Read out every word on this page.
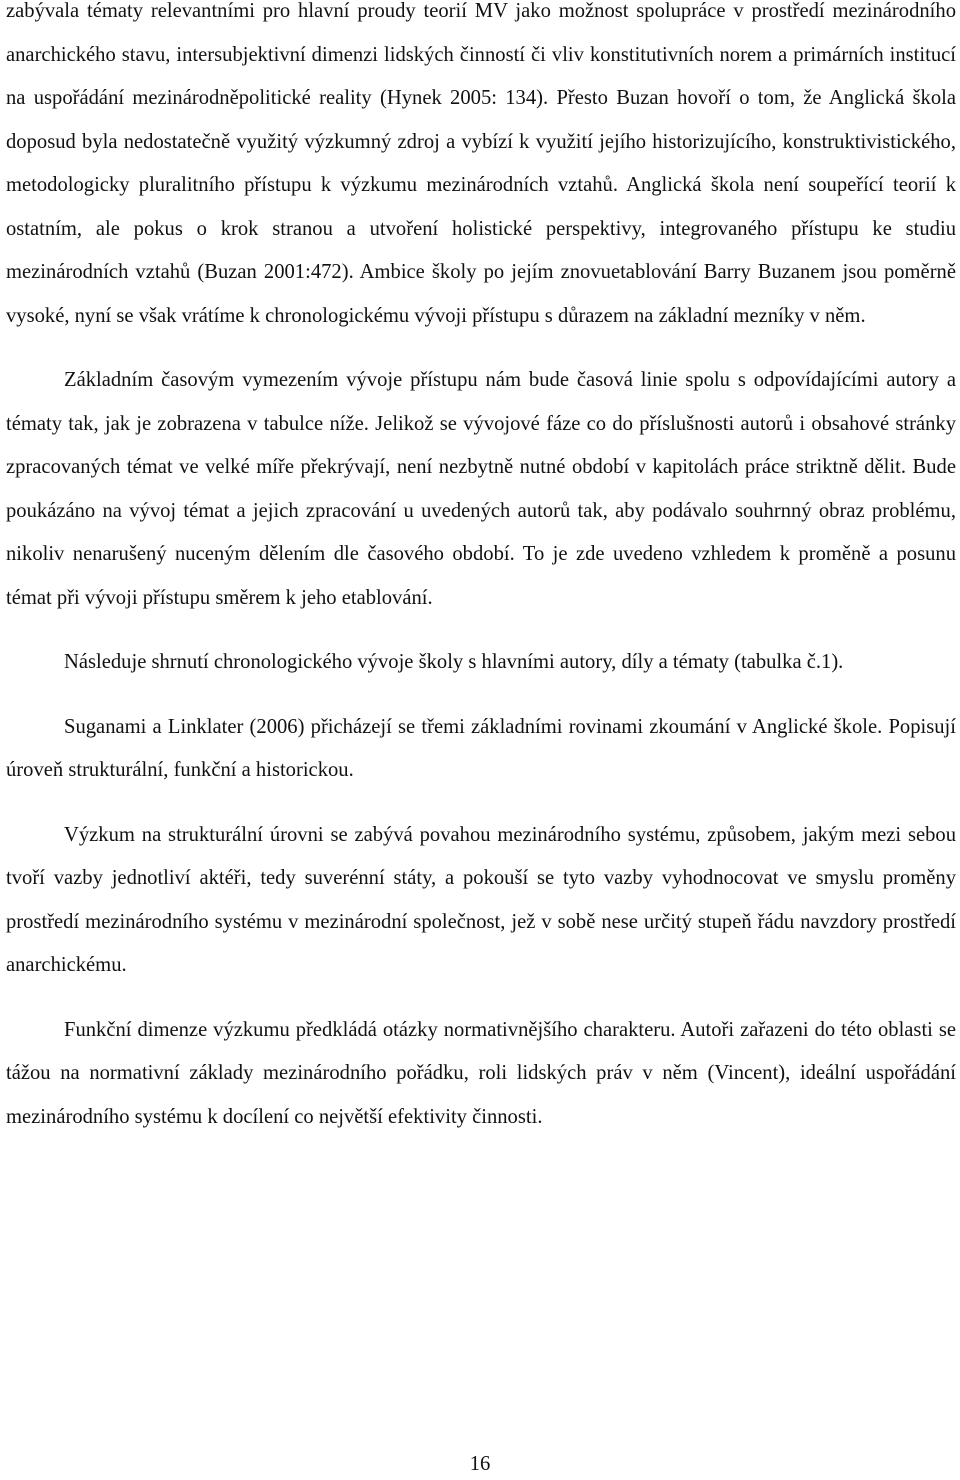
zabývala tématy relevantními pro hlavní proudy teorií MV jako možnost spolupráce v prostředí mezinárodního anarchického stavu, intersubjektivní dimenzi lidských činností či vliv konstitutivních norem a primárních institucí na uspořádání mezinárodněpolitické reality (Hynek 2005: 134). Přesto Buzan hovoří o tom, že Anglická škola doposud byla nedostatečně využitý výzkumný zdroj a vybízí k využití jejího historizujícího, konstruktivistického, metodologicky pluralitního přístupu k výzkumu mezinárodních vztahů. Anglická škola není soupeřící teorií k ostatním, ale pokus o krok stranou a utvoření holistické perspektivy, integrovaného přístupu ke studiu mezinárodních vztahů (Buzan 2001:472). Ambice školy po jejím znovuetablování Barry Buzanem jsou poměrně vysoké, nyní se však vrátíme k chronologickému vývoji přístupu s důrazem na základní mezníky v něm.

Základním časovým vymezením vývoje přístupu nám bude časová linie spolu s odpovídajícími autory a tématy tak, jak je zobrazena v tabulce níže. Jelikož se vývojové fáze co do příslušnosti autorů i obsahové stránky zpracovaných témat ve velké míře překrývají, není nezbytně nutné období v kapitolách práce striktně dělit. Bude poukázáno na vývoj témat a jejich zpracování u uvedených autorů tak, aby podávalo souhrnný obraz problému, nikoliv nenarušený nuceným dělením dle časového období. To je zde uvedeno vzhledem k proměně a posunu témat při vývoji přístupu směrem k jeho etablování.

Následuje shrnutí chronologického vývoje školy s hlavními autory, díly a tématy (tabulka č.1).

Suganami a Linklater (2006) přicházejí se třemi základními rovinami zkoumání v Anglické škole. Popisují úroveň strukturální, funkční a historickou.

Výzkum na strukturální úrovni se zabývá povahou mezinárodního systému, způsobem, jakým mezi sebou tvoří vazby jednotliví aktéři, tedy suverénní státy, a pokouší se tyto vazby vyhodnocovat ve smyslu proměny prostředí mezinárodního systému v mezinárodní společnost, jež v sobě nese určitý stupeň řádu navzdory prostředí anarchickému.

Funkční dimenze výzkumu předkládá otázky normativnějšího charakteru. Autoři zařazeni do této oblasti se tážou na normativní základy mezinárodního pořádku, roli lidských práv v něm (Vincent), ideální uspořádání mezinárodního systému k docílení co největší efektivity činnosti.

16
